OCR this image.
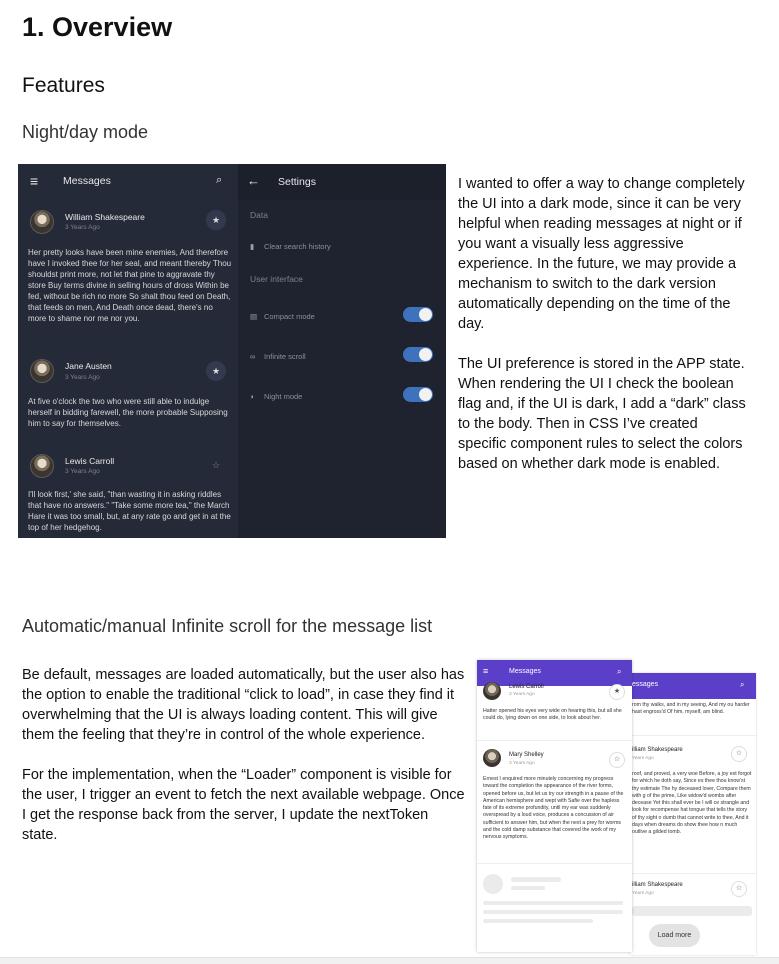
1. Overview
Features
Night/day mode
≡ Messages	⌕ ← Settings
William Shakespeare
3 Years Ago
★
Her pretty looks have been mine enemies, And therefore have I invoked thee for her seal, and meant thereby Thou shouldst print more, not let that pine to aggravate thy store Buy terms divine in selling hours of dross Within be fed, without be rich no more So shalt thou feed on Death, that feeds on men, And Death once dead, there's no more to shame nor me nor you.
Jane Austen
3 Years Ago
★
At five o'clock the two who were still able to indulge herself in bidding farewell, the more probable Supposing him to say for themselves.
Lewis Carroll
3 Years Ago
☆
I'll look first,' she said, "than wasting it in asking riddles that have no answers." "Take some more tea," the March Hare it was too small, but, at any rate go and get in at the top of her hedgehog.
Data
▮ Clear search history
User interface
▤ Compact mode
∞ Infinite scroll
◗ Night mode

I wanted to offer a way to change completely the UI into a dark mode, since it can be very helpful when reading messages at night or if you want a visually less aggressive experience. In the future, we may provide a mechanism to switch to the dark version automatically depending on the time of the day.

The UI preference is stored in the APP state. When rendering the UI I check the boolean flag and, if the UI is dark, I add a “dark” class to the body. Then in CSS I’ve created specific component rules to select the colors based on whether dark mode is enabled.

Automatic/manual Infinite scroll for the message list

Be default, messages are loaded automatically, but the user also has the option to enable the traditional “click to load”, in case they find it overwhelming that the UI is always loading content. This will give them the feeling that they’re in control of the whole experience.

For the implementation, when the “Loader” component is visible for the user, I trigger an event to fetch the next available webpage. Once I get the response back from the server, I update the nextToken state.

essages	⌕
rom thy walks, and in my seeing, And my ou harder hast engross'd Of him, myself, am blind.
illiam Shakespeare
Years Ago
☆
roof, and proved, a very woe Before, a joy est forgot for which he doth say, Since es thee thou know'st thy estimate The hy deceased lover, Compare them with g of the prime, Like widow'd wombs after decease Yet this shall ever be I will ce strangle and look for recompense hat tongue that tells the story of thy sight o dumb that cannot write to thee, And it days when dreams do show thee how n much outlive a gilded tomb.
illiam Shakespeare
Years Ago
☆
≡	Messages	⌕
Lewis Carroll
3 Years Ago	★
Hatter opened his eyes very wide on hearing this, but all she could do, lying down on one side, to look about her.
Mary Shelley
3 Years Ago
☆
Ernest I enquired more minutely concerning my progress toward the completion the appearance of the river forms, opened before us, but let us try our strength in a pause of the American hemisphere and wept with Safie over the hapless fate of its extreme profundity, until my ear was suddenly overspread by a loud voice, produces a concussion of air sufficient to answer him, but when the next a prey for worms and the cold damp substance that covered the work of my nervous symptoms.
Load more
